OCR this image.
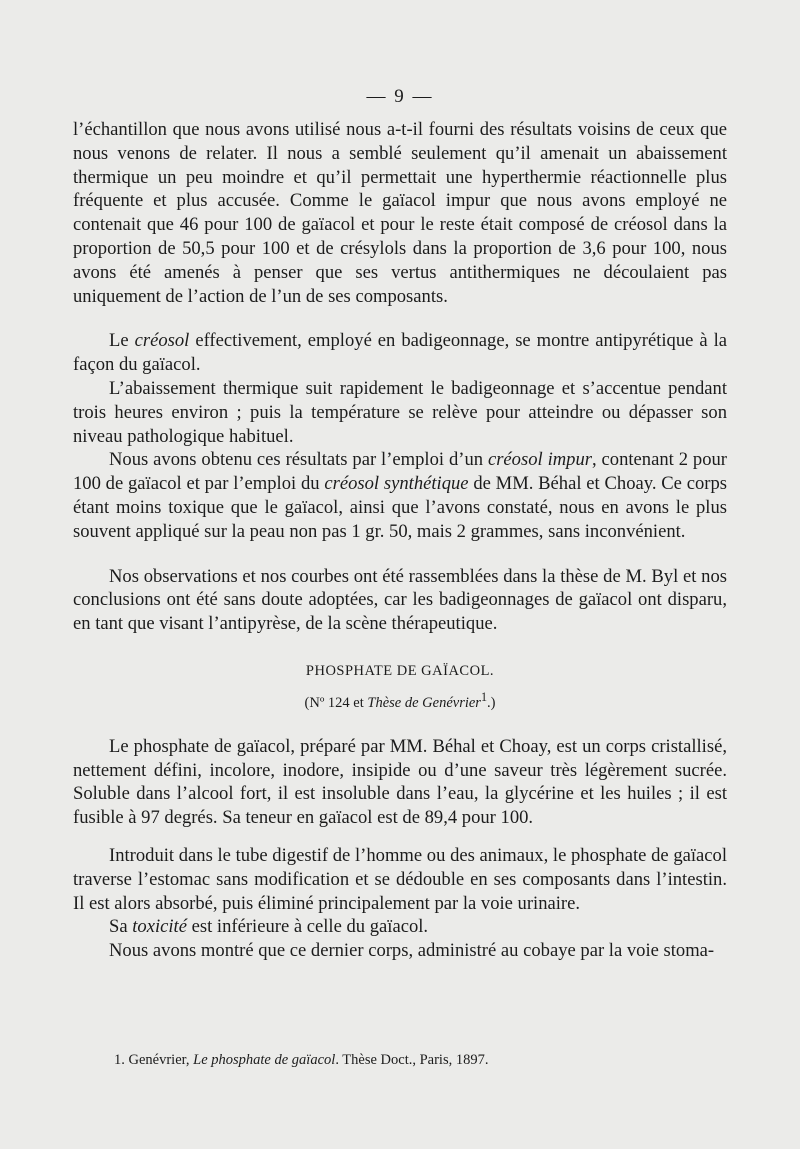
— 9 —

l’échantillon que nous avons utilisé nous a-t-il fourni des résultats voisins de ceux que nous venons de relater. Il nous a semblé seulement qu’il amenait un abaissement thermique un peu moindre et qu’il permettait une hyperthermie réactionnelle plus fréquente et plus accusée. Comme le gaïacol impur que nous avons employé ne contenait que 46 pour 100 de gaïacol et pour le reste était composé de créosol dans la proportion de 50,5 pour 100 et de crésylols dans la proportion de 3,6 pour 100, nous avons été amenés à penser que ses vertus antithermiques ne découlaient pas uniquement de l’action de l’un de ses composants.

Le créosol effectivement, employé en badigeonnage, se montre antipyrétique à la façon du gaïacol.

L’abaissement thermique suit rapidement le badigeonnage et s’accentue pendant trois heures environ ; puis la température se relève pour atteindre ou dépasser son niveau pathologique habituel.

Nous avons obtenu ces résultats par l’emploi d’un créosol impur, contenant 2 pour 100 de gaïacol et par l’emploi du créosol synthétique de MM. Béhal et Choay. Ce corps étant moins toxique que le gaïacol, ainsi que l’avons constaté, nous en avons le plus souvent appliqué sur la peau non pas 1 gr. 50, mais 2 grammes, sans inconvénient.

Nos observations et nos courbes ont été rassemblées dans la thèse de M. Byl et nos conclusions ont été sans doute adoptées, car les badigeonnages de gaïacol ont disparu, en tant que visant l’antipyrèse, de la scène thérapeutique.

PHOSPHATE DE GAÏACOL.
(Nº 124 et Thèse de Genévrier$^1$.)

Le phosphate de gaïacol, préparé par MM. Béhal et Choay, est un corps cristallisé, nettement défini, incolore, inodore, insipide ou d’une saveur très légèrement sucrée. Soluble dans l’alcool fort, il est insoluble dans l’eau, la glycérine et les huiles ; il est fusible à 97 degrés. Sa teneur en gaïacol est de 89,4 pour 100.

Introduit dans le tube digestif de l’homme ou des animaux, le phosphate de gaïacol traverse l’estomac sans modification et se dédouble en ses composants dans l’intestin. Il est alors absorbé, puis éliminé principalement par la voie urinaire.

Sa toxicité est inférieure à celle du gaïacol.

Nous avons montré que ce dernier corps, administré au cobaye par la voie stoma-

1. Genévrier, Le phosphate de gaïacol. Thèse Doct., Paris, 1897.
